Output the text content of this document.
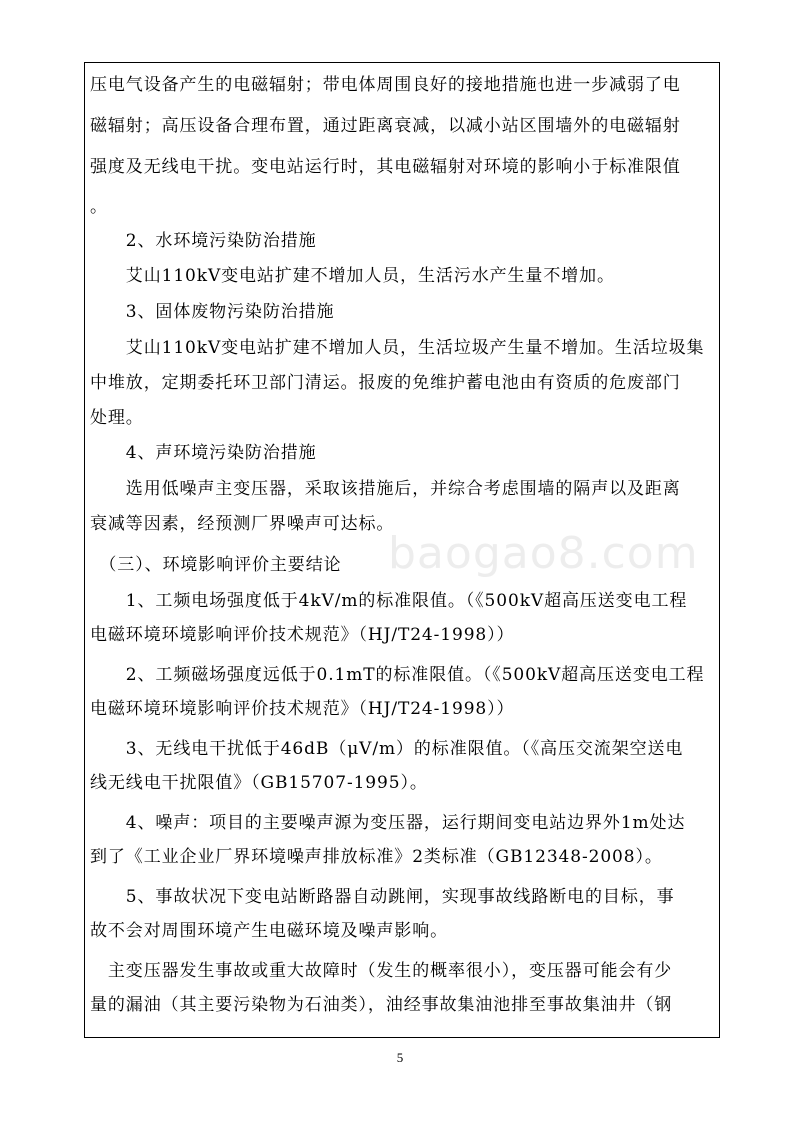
baogao8.com

压电气设备产生的电磁辐射；带电体周围良好的接地措施也进一步减弱了电

磁辐射；高压设备合理布置，通过距离衰减，以减小站区围墙外的电磁辐射

强度及无线电干扰。变电站运行时，其电磁辐射对环境的影响小于标准限值

。

　　2、水环境污染防治措施

　　艾山110kV变电站扩建不增加人员，生活污水产生量不增加。

　　3、固体废物污染防治措施

　　艾山110kV变电站扩建不增加人员，生活垃圾产生量不增加。生活垃圾集

中堆放，定期委托环卫部门清运。报废的免维护蓄电池由有资质的危废部门

处理。

　　4、声环境污染防治措施

　　选用低噪声主变压器，采取该措施后，并综合考虑围墙的隔声以及距离

衰减等因素，经预测厂界噪声可达标。

　（三）、环境影响评价主要结论

　　1、工频电场强度低于4kV/m的标准限值。（《500kV超高压送变电工程

电磁环境环境影响评价技术规范》（HJ/T24-1998））

　　2、工频磁场强度远低于0.1mT的标准限值。（《500kV超高压送变电工程

电磁环境环境影响评价技术规范》（HJ/T24-1998））

　　3、无线电干扰低于46dB（μV/m）的标准限值。（《高压交流架空送电

线无线电干扰限值》（GB15707-1995）。

　　4、噪声：项目的主要噪声源为变压器，运行期间变电站边界外1m处达

到了《工业企业厂界环境噪声排放标准》2类标准（GB12348-2008）。

　　5、事故状况下变电站断路器自动跳闸，实现事故线路断电的目标，事

故不会对周围环境产生电磁环境及噪声影响。

　主变压器发生事故或重大故障时（发生的概率很小），变压器可能会有少

量的漏油（其主要污染物为石油类），油经事故集油池排至事故集油井（钢

5
